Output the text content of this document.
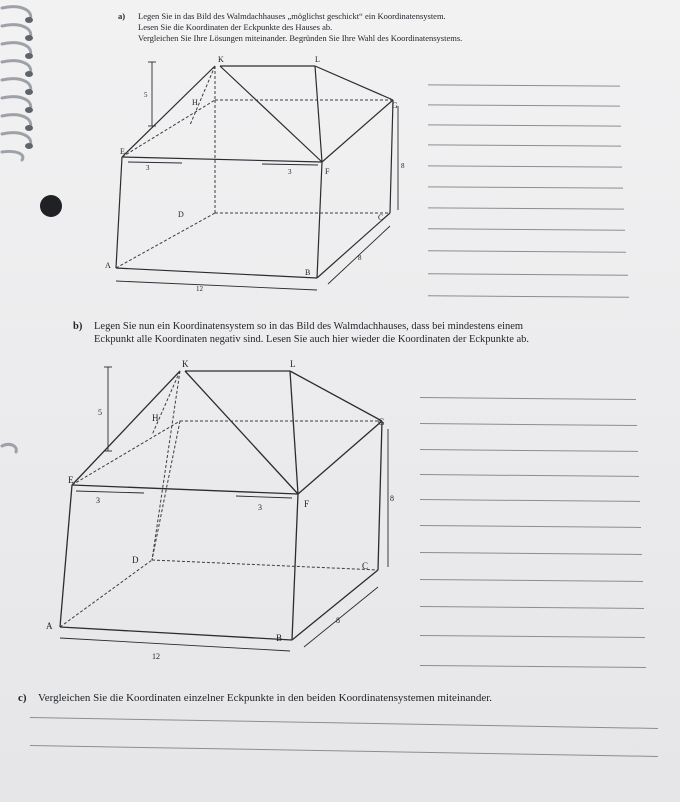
a) Legen Sie in das Bild des Walmdachhauses „möglichst geschickt“ ein Koordinatensystem.
Lesen Sie die Koordinaten der Eckpunkte des Hauses ab.
Vergleichen Sie Ihre Lösungen miteinander. Begründen Sie Ihre Wahl des Koordinatensystems.
K	L
H	G
E
F
D	C
A
B
5
3	3
8
8
12
b) Legen Sie nun ein Koordinatensystem so in das Bild des Walmdachhauses, dass bei mindestens einem
Eckpunkt alle Koordinaten negativ sind. Lesen Sie auch hier wieder die Koordinaten der Eckpunkte ab.
K	L
H	G
E
F
D
C
A
B
5
3
3
8
8
12
c) Vergleichen Sie die Koordinaten einzelner Eckpunkte in den beiden Koordinatensystemen miteinander.
